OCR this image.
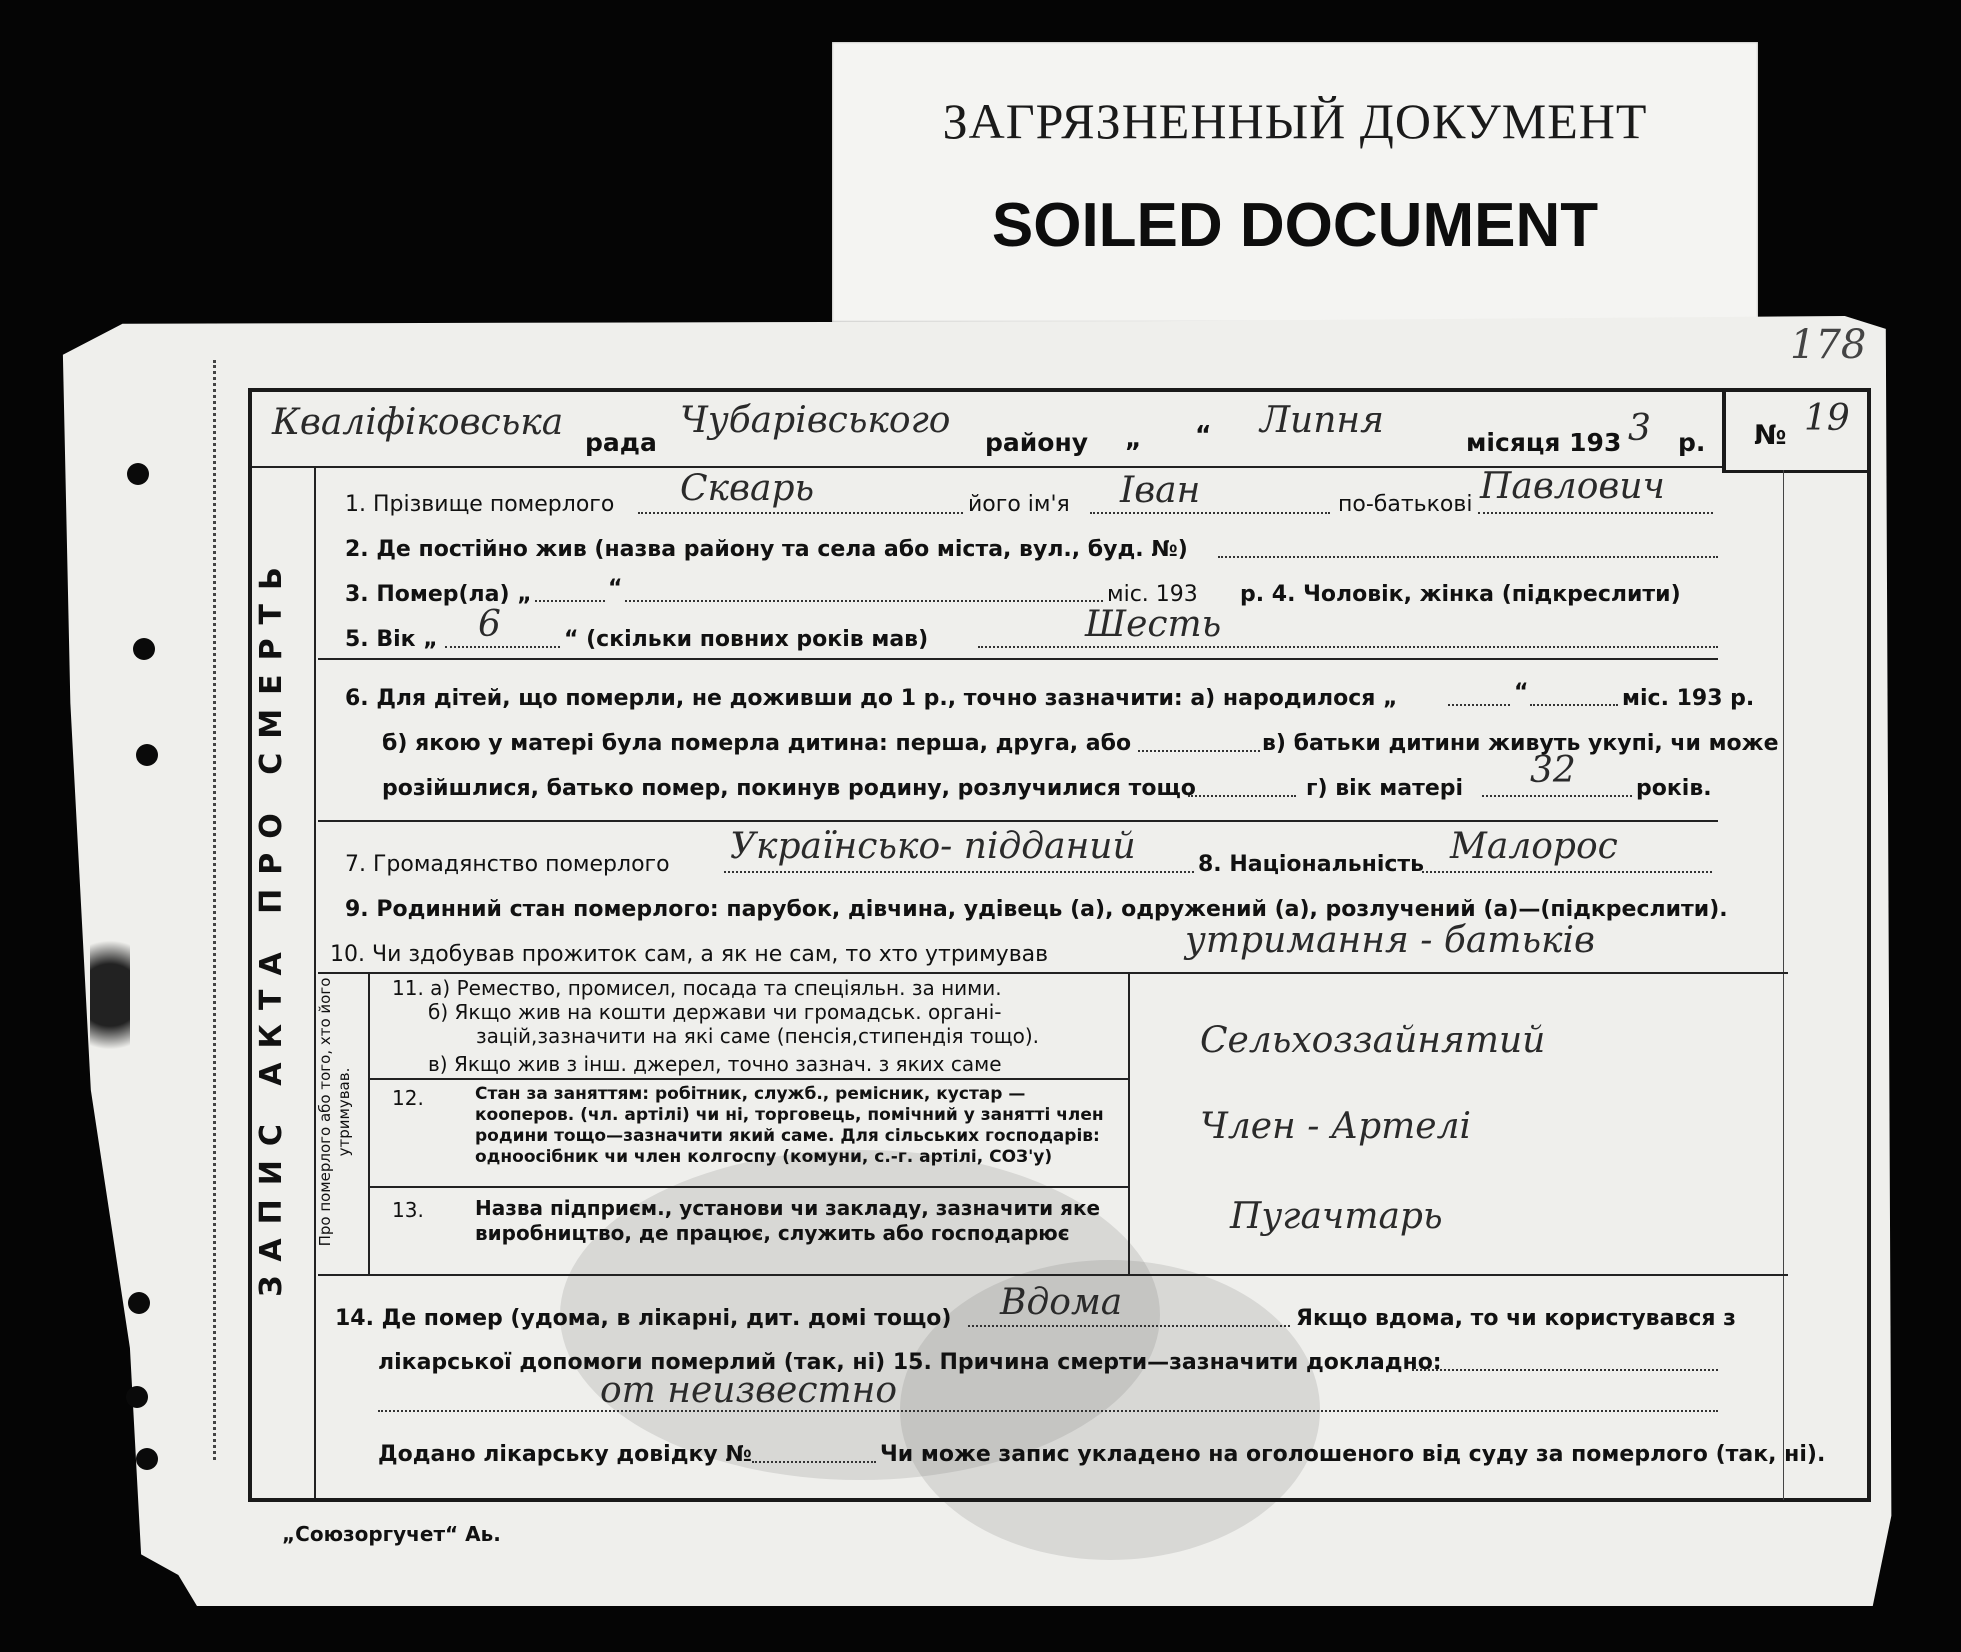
ЗАГРЯЗНЕННЫЙ ДОКУМЕНТ
SOILED DOCUMENT
178
ЗАПИС АКТА ПРО СМЕРТЬ Про померлого або того, хто його утримував.
№ 19
Кваліфіковська рада
Чубарівського
району „ “ Липня
місяця 193 3 р.
1. Прізвище померлого Скварь	його ім'я Іван	по-батькові Павлович
2. Де постійно жив (назва району та села або міста, вул., буд. №)
3. Помер(ла) „	“	міс. 193 р. 4. Чоловік, жінка (підкреслити)
5. Вік „ 6	“ (скільки повних років мав)	Шесть
6. Для дітей, що померли, не доживши до 1 р., точно зазначити: а) народилося „	“	міс. 193 р.
б) якою у матері була померла дитина: перша, друга, або	в) батьки дитини живуть укупі, чи може
розійшлися, батько помер, покинув родину, розлучилися тощо	г) вік матері 32	років.
7. Громадянство померлого Українсько- підданий	8. Національність Малорос
9. Родинний стан померлого: парубок, дівчина, удівець (а), одружений (а), розлучений (а)—(підкреслити).
10. Чи здобував прожиток сам, а як не сам, то хто утримував	утримання - батьків
11. а) Ремество, промисел, посада та спеціяльн. за ними.
б) Якщо жив на кошти держави чи громадськ. органі-
зацій,зазначити на які саме (пенсія,стипендія тощо).
в) Якщо жив з інш. джерел, точно зазнач. з яких саме
Сельхоззайнятий
12.	Стан за заняттям: робітник, служб., ремісник, кустар — кооперов. (чл. артілі) чи ні, торговець, помічний у занятті член родини тощо—зазначити який саме. Для сільських господарів: одноосібник чи член колгоспу (комуни, с.-г. артілі, СОЗ'у)
Член - Артелі
13.	Назва підприєм., установи чи закладу, зазначити яке виробництво, де працює, служить або господарює	Пугачтарь
14. Де помер (удома, в лікарні, дит. домі тощо) Вдома	Якщо вдома, то чи користувався з
лікарської допомоги померлий (так, ні) 15. Причина смерти—зазначити докладно:
от неизвестно
Додано лікарську довідку №	Чи може запис укладено на оголошеного від суду за померлого (так, ні).
„Союзоргучет“ Аь.
